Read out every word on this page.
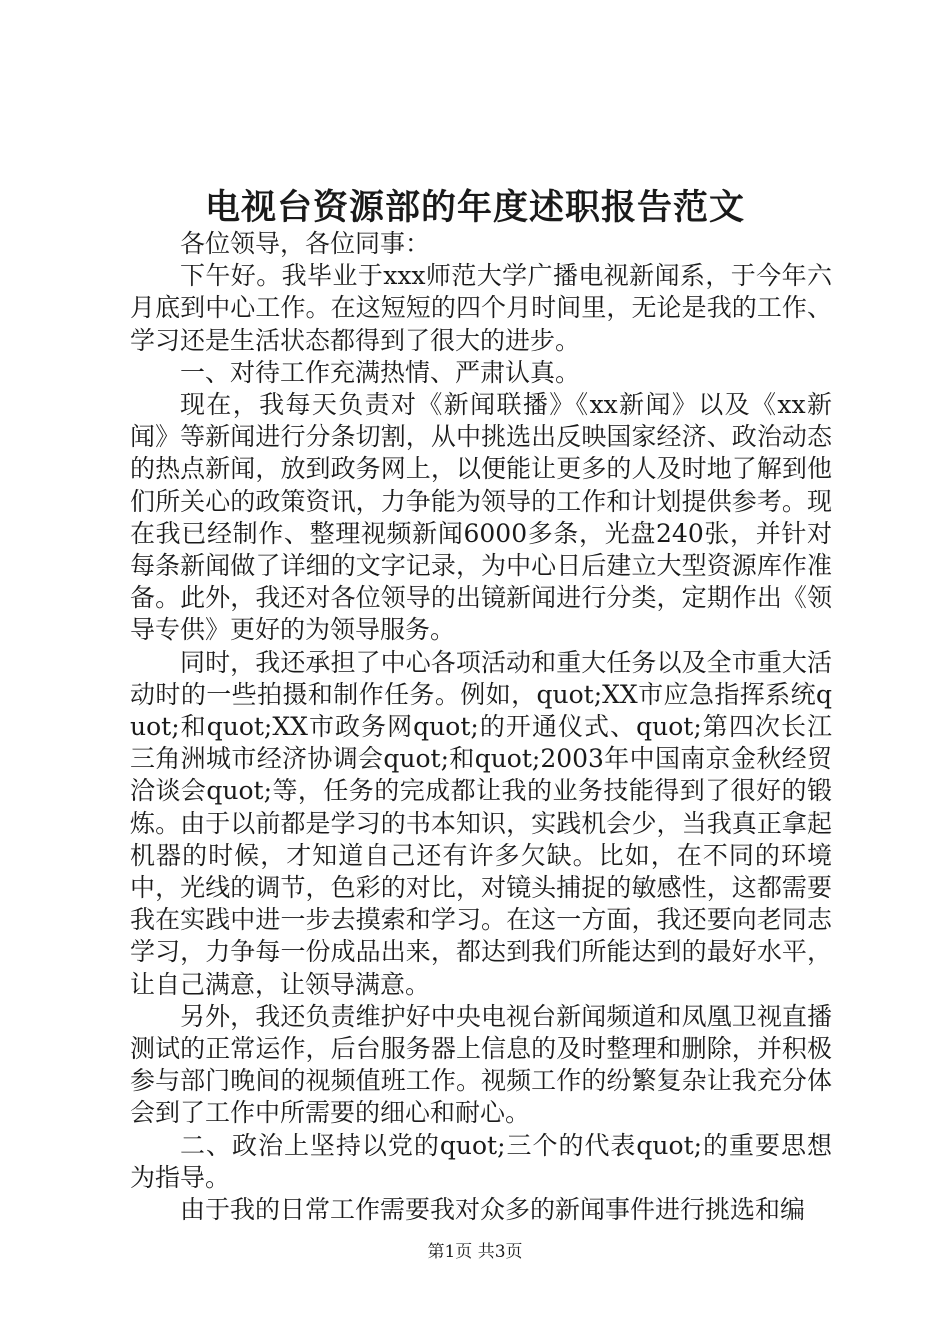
电视台资源部的年度述职报告范文

各位领导，各位同事：

下午好。我毕业于xxx师范大学广播电视新闻系，于今年六月底到中心工作。在这短短的四个月时间里，无论是我的工作、学习还是生活状态都得到了很大的进步。

一、对待工作充满热情、严肃认真。

现在，我每天负责对《新闻联播》《xx新闻》以及《xx新闻》等新闻进行分条切割，从中挑选出反映国家经济、政治动态的热点新闻，放到政务网上，以便能让更多的人及时地了解到他们所关心的政策资讯，力争能为领导的工作和计划提供参考。现在我已经制作、整理视频新闻6000多条，光盘240张，并针对每条新闻做了详细的文字记录，为中心日后建立大型资源库作准备。此外，我还对各位领导的出镜新闻进行分类，定期作出《领导专供》更好的为领导服务。

同时，我还承担了中心各项活动和重大任务以及全市重大活动时的一些拍摄和制作任务。例如，quot;XX市应急指挥系统quot;和quot;XX市政务网quot;的开通仪式、quot;第四次长江三角洲城市经济协调会quot;和quot;2003年中国南京金秋经贸洽谈会quot;等，任务的完成都让我的业务技能得到了很好的锻炼。由于以前都是学习的书本知识，实践机会少，当我真正拿起机器的时候，才知道自己还有许多欠缺。比如，在不同的环境中，光线的调节，色彩的对比，对镜头捕捉的敏感性，这都需要我在实践中进一步去摸索和学习。在这一方面，我还要向老同志学习，力争每一份成品出来，都达到我们所能达到的最好水平，让自己满意，让领导满意。

另外，我还负责维护好中央电视台新闻频道和凤凰卫视直播测试的正常运作，后台服务器上信息的及时整理和删除，并积极参与部门晚间的视频值班工作。视频工作的纷繁复杂让我充分体会到了工作中所需要的细心和耐心。

二、政治上坚持以党的quot;三个的代表quot;的重要思想为指导。

由于我的日常工作需要我对众多的新闻事件进行挑选和编

第1页 共3页
